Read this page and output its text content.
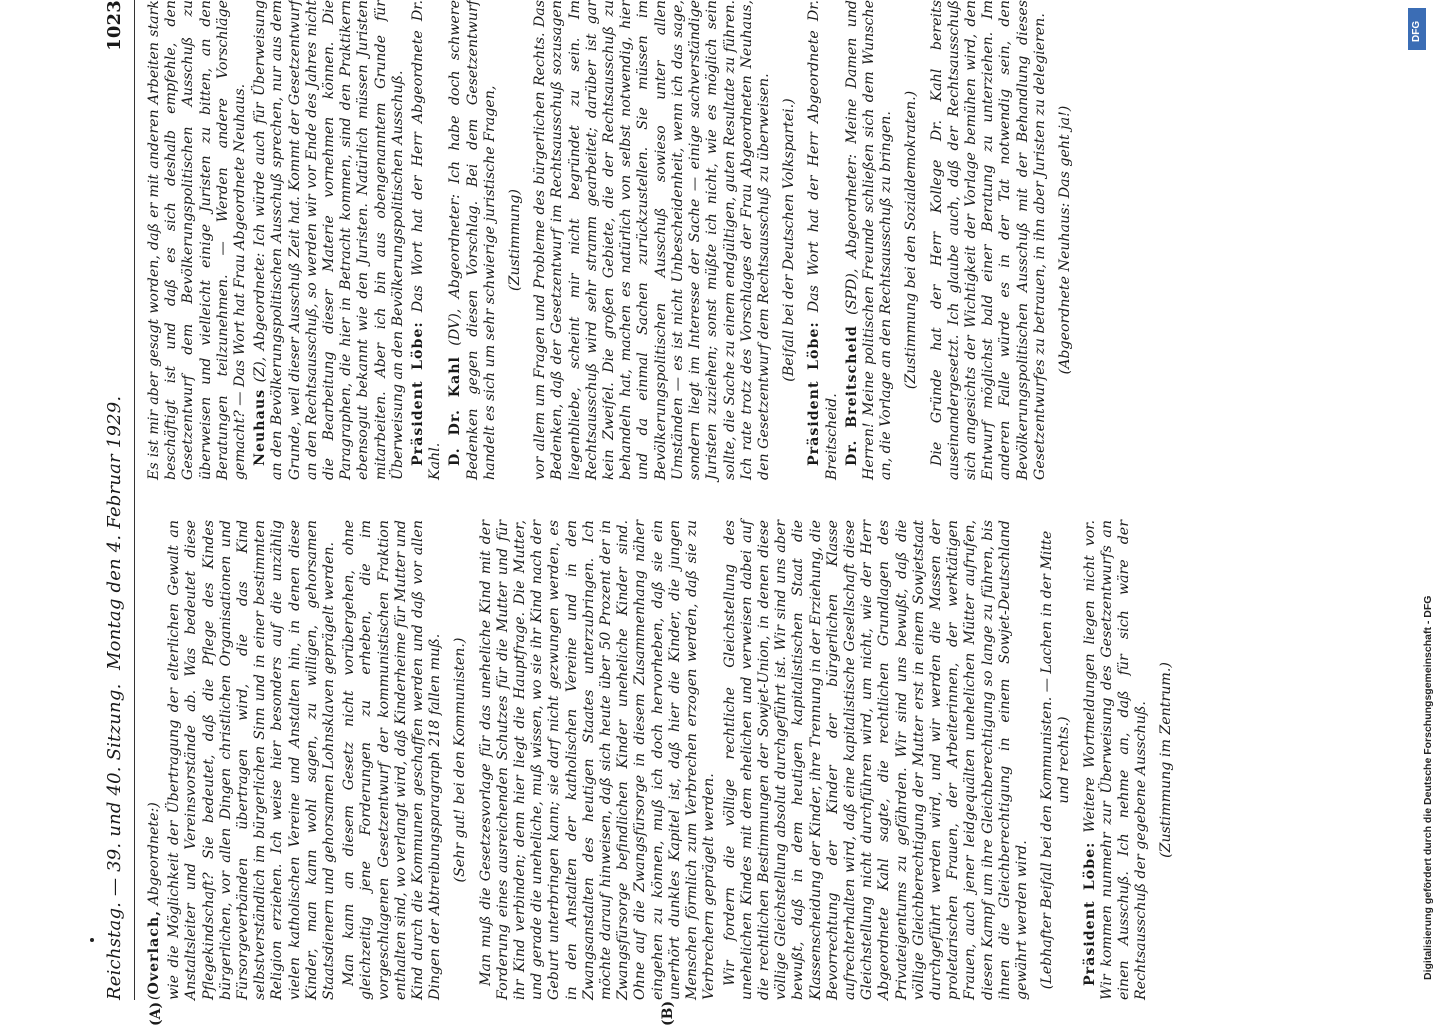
Reichstag. — 39. und 40. Sitzung.
Montag den 4. Februar 1929.
1023
(A)	(B)

(Overlach, Abgeordnete:) wie die Möglichkeit der Übertragung der elterlichen Gewalt an Anstaltsleiter und Vereinsvorstände ab. Was bedeutet diese Pflegekindschaft? Sie bedeutet, daß die Pflege des Kindes bürgerlichen, vor allen Dingen christlichen Organisationen und Fürsorgeverbänden übertragen wird, die das Kind selbstverständlich im bürgerlichen Sinn und in einer bestimmten Religion erziehen. Ich weise hier besonders auf die unzählig vielen katholischen Vereine und Anstalten hin, in denen diese Kinder, man kann wohl sagen, zu willigen, gehorsamen Staatsdienern und gehorsamen Lohnsklaven geprägelt werden. Man kann an diesem Gesetz nicht vorübergehen, ohne gleichzeitig jene Forderungen zu erheben, die im vorgeschlagenen Gesetzentwurf der kommunistischen Fraktion enthalten sind, wo verlangt wird, daß Kinderheime für Mutter und Kind durch die Kommunen geschaffen werden und daß vor allen Dingen der Abtreibungsparagraph 218 fallen muß. (Sehr gut! bei den Kommunisten.) Man muß die Gesetzesvorlage für das uneheliche Kind mit der Forderung eines ausreichenden Schutzes für die Mutter und für ihr Kind verbinden; denn hier liegt die Hauptfrage. Die Mutter, und gerade die uneheliche, muß wissen, wo sie ihr Kind nach der Geburt unterbringen kann; sie darf nicht gezwungen werden, es in den Anstalten der katholischen Vereine und in den Zwangsanstalten des heutigen Staates unterzubringen. Ich möchte darauf hinweisen, daß sich heute über 50 Prozent der in Zwangsfürsorge befindlichen Kinder uneheliche Kinder sind. Ohne auf die Zwangsfürsorge in diesem Zusammenhang näher eingehen zu können, muß ich doch hervorheben, daß sie ein unerhört dunkles Kapitel ist, daß hier die Kinder, die jungen Menschen förmlich zum Verbrechen erzogen werden, daß sie zu Verbrechern geprägelt werden. Wir fordern die völlige rechtliche Gleichstellung des unehelichen Kindes mit dem ehelichen und verweisen dabei auf die rechtlichen Bestimmungen der Sowjet-Union, in denen diese völlige Gleichstellung absolut durchgeführt ist. Wir sind uns aber bewußt, daß in dem heutigen kapitalistischen Staat die Klassenscheidung der Kinder, ihre Trennung in der Erziehung, die Bevorrechtung der Kinder der bürgerlichen Klasse aufrechterhalten wird, daß eine kapitalistische Gesellschaft diese Gleichstellung nicht durchführen wird, um nicht, wie der Herr Abgeordnete Kahl sagte, die rechtlichen Grundlagen des Privateigentums zu gefährden. Wir sind uns bewußt, daß die völlige Gleichberechtigung der Mutter erst in einem Sowjetstaat durchgeführt werden wird, und wir werden die Massen der proletarischen Frauen, der Arbeiterinnen, der werktätigen Frauen, auch jener leidgequälten unehelichen Mütter aufrufen, diesen Kampf um ihre Gleichberechtigung so lange zu führen, bis ihnen die Gleichberechtigung in einem Sowjet-Deutschland gewährt werden wird. (Lebhafter Beifall bei den Kommunisten. — Lachen in der Mitte und rechts.)

Präsident Löbe: Weitere Wortmeldungen liegen nicht vor. Wir kommen nunmehr zur Überweisung des Gesetzentwurfs an einen Ausschuß. Ich nehme an, daß für sich wäre der Rechtsausschuß der gegebene Ausschuß. (Zustimmung im Zentrum.)

Es ist mir aber gesagt worden, daß er mit anderen Arbeiten stark beschäftigt ist und daß es sich deshalb empfehle, den Gesetzentwurf dem Bevölkerungspolitischen Ausschuß zu überweisen und vielleicht einige Juristen zu bitten, an den Beratungen teilzunehmen. — Werden andere Vorschläge gemacht? — Das Wort hat Frau Abgeordnete Neuhaus. Neuhaus (Z), Abgeordnete: Ich würde auch für Überweisung an den Bevölkerungspolitischen Ausschuß sprechen, nur aus dem Grunde, weil dieser Ausschuß Zeit hat. Kommt der Gesetzentwurf an den Rechtsausschuß, so werden wir vor Ende des Jahres nicht die Bearbeitung dieser Materie vornehmen können. Die Paragraphen, die hier in Betracht kommen, sind den Praktikern ebensogut bekannt wie den Juristen. Natürlich müssen Juristen mitarbeiten. Aber ich bin aus obengenanntem Grunde für Überweisung an den Bevölkerungspolitischen Ausschuß. Präsident Löbe: Das Wort hat der Herr Abgeordnete Dr. Kahl. D. Dr. Kahl (DV), Abgeordneter: Ich habe doch schwere Bedenken gegen diesen Vorschlag. Bei dem Gesetzentwurf handelt es sich um sehr schwierige juristische Fragen, (Zustimmung) vor allem um Fragen und Probleme des bürgerlichen Rechts. Das Bedenken, daß der Gesetzentwurf im Rechtsausschuß sozusagen liegenbliebe, scheint mir nicht begründet zu sein. Im Rechtsausschuß wird sehr stramm gearbeitet; darüber ist gar kein Zweifel. Die großen Gebiete, die der Rechtsausschuß zu behandeln hat, machen es natürlich von selbst notwendig, hier und da einmal Sachen zurückzustellen. Sie müssen im Bevölkerungspolitischen Ausschuß sowieso unter allen Umständen — es ist nicht Unbescheidenheit, wenn ich das sage, sondern liegt im Interesse der Sache — einige sachverständige Juristen zuziehen; sonst müßte ich nicht, wie es möglich sein sollte, die Sache zu einem endgültigen, guten Resultate zu führen. Ich rate trotz des Vorschlages der Frau Abgeordneten Neuhaus, den Gesetzentwurf dem Rechtsausschuß zu überweisen. (Beifall bei der Deutschen Volkspartei.)

Präsident Löbe: Das Wort hat der Herr Abgeordnete Dr. Breitscheid. Dr. Breitscheid (SPD), Abgeordneter: Meine Damen und Herren! Meine politischen Freunde schließen sich dem Wunsche an, die Vorlage an den Rechtsausschuß zu bringen. (Zustimmung bei den Sozialdemokraten.) Die Gründe hat der Herr Kollege Dr. Kahl bereits auseinandergesetzt. Ich glaube auch, daß der Rechtsausschuß sich angesichts der Wichtigkeit der Vorlage bemühen wird, den Entwurf möglichst bald einer Beratung zu unterziehen. Im anderen Falle würde es in der Tat notwendig sein, den Bevölkerungspolitischen Ausschuß mit der Behandlung dieses Gesetzentwurfes zu betrauen, in ihn aber Juristen zu delegieren. (Abgeordnete Neuhaus: Das geht ja!)

DFG
Digitalisierung gefördert durch die Deutsche Forschungsgemeinschaft - DFG
